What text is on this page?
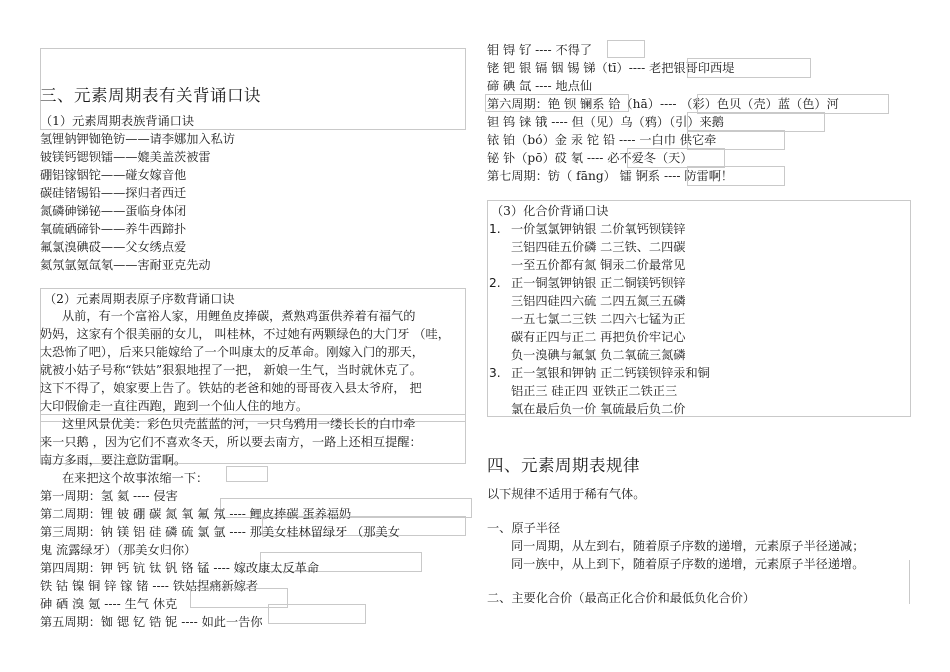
三、元素周期表有关背诵口诀
（1）元素周期表族背诵口诀
氢锂钠钾铷铯钫——请李娜加入私访
铍镁钙锶钡镭——媲美盖茨被雷
硼铝镓铟铊——碰女嫁音他
碳硅锗锡铅——探归者西迁
氮磷砷锑铋——蛋临身体闭
氧硫硒碲钋——养牛西蹄扑
氟氯溴碘砹——父女绣点爱
氦氖氩氪氙氡——害耐亚克先动
（2）元素周期表原子序数背诵口诀
从前，有一个富裕人家，用鲤鱼皮捧碳，煮熟鸡蛋供养着有福气的
奶妈，这家有个很美丽的女儿， 叫桂林，不过她有两颗绿色的大门牙 （哇，
太恐怖了吧），后来只能嫁给了一个叫康太的反革命。刚嫁入门的那天，
就被小姑子号称“铁姑”狠狠地捏了一把， 新娘一生气，当时就休克了。
这下不得了，娘家要上告了。铁姑的老爸和她的哥哥夜入县太爷府， 把
大印假偷走一直往西跑，跑到一个仙人住的地方。
这里风景优美：彩色贝壳蓝蓝的河，一只乌鸦用一缕长长的白巾牵
来一只鹅 ，因为它们不喜欢冬天，所以要去南方，一路上还相互提醒：
南方多雨，要注意防雷啊。
在来把这个故事浓缩一下：
第一周期：氢 氦 ---- 侵害
第二周期：锂 铍 硼 碳 氮 氧 氟 氖 ---- 鲤皮捧碳 蛋养福奶
第三周期：钠 镁 铝 硅 磷 硫 氯 氩 ---- 那美女桂林留绿牙 （那美女
鬼 流露绿牙）（那美女归你）
第四周期：钾 钙 钪 钛 钒 铬 锰 ---- 嫁改康太反革命
铁 钴 镍 铜 锌 镓 锗 ---- 铁姑捏痛新嫁者
砷 硒 溴 氪 ---- 生气 休克
第五周期：铷 锶 钇 锆 铌 ---- 如此一告你
钼 锝 钌 ---- 不得了
铑 钯 银 镉 铟 锡 锑（tī）---- 老把银哥印西堤
碲 碘 氙 ---- 地点仙
第六周期：铯 钡 镧系 铪（hā）---- （彩）色贝（壳）蓝（色）河
钽 钨 铼 锇 ---- 但（见）乌（鸦）（引）来鹅
铱 铂（bó）金 汞 铊 铅 ---- 一白巾 供它牵
铋 钋（pō）砹 氡 ---- 必不爱冬（天）
第七周期：钫（ fāng） 镭 锕系 ---- 防雷啊！
（3）化合价背诵口诀
1. 一价氢氯钾钠银 二价氧钙钡镁锌
三铝四硅五价磷 二三铁、二四碳
一至五价都有氮 铜汞二价最常见
2. 正一铜氢钾钠银 正二铜镁钙钡锌
三铝四硅四六硫 二四五氮三五磷
一五七氯二三铁 二四六七锰为正
碳有正四与正二 再把负价牢记心
负一溴碘与氟氯 负二氧硫三氮磷
3. 正一氢银和钾钠 正二钙镁钡锌汞和铜
铝正三 硅正四 亚铁正二铁正三
氯在最后负一价 氧硫最后负二价
四、元素周期表规律
以下规律不适用于稀有气体。
一、原子半径
同一周期，从左到右，随着原子序数的递增，元素原子半径递减；
同一族中，从上到下，随着原子序数的递增，元素原子半径递增。
二、主要化合价（最高正化合价和最低负化合价）
